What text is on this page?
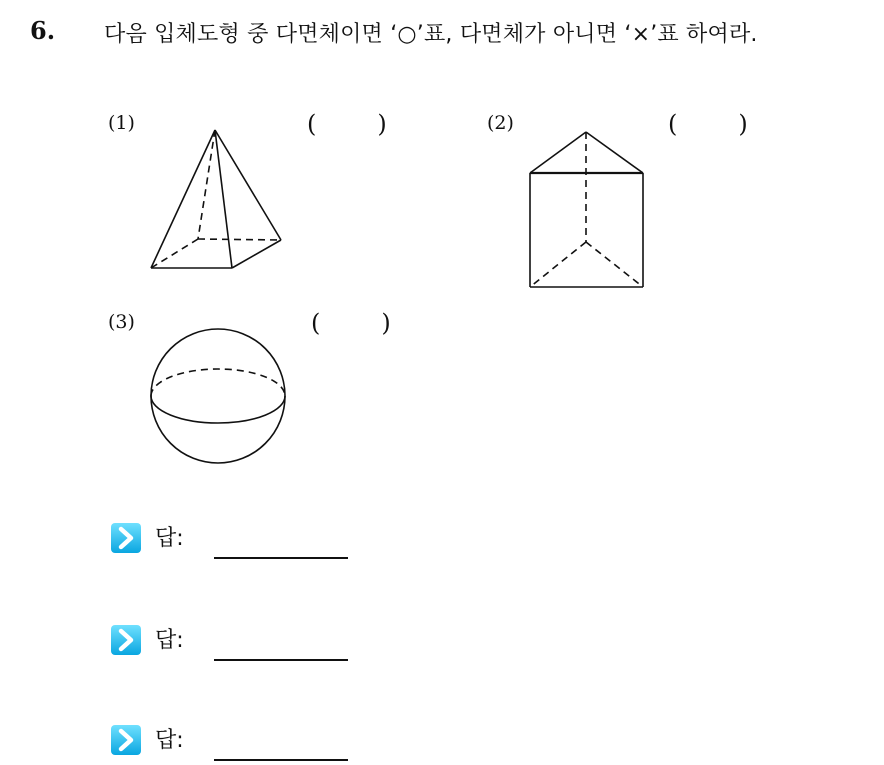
6. 다음 입체도형 중 다면체이면 ‘○’표, 다면체가 아니면 ‘×’표 하여라.
(1)	(        )	(2)	(        )
(3)	(        )
답:
답:
답:
